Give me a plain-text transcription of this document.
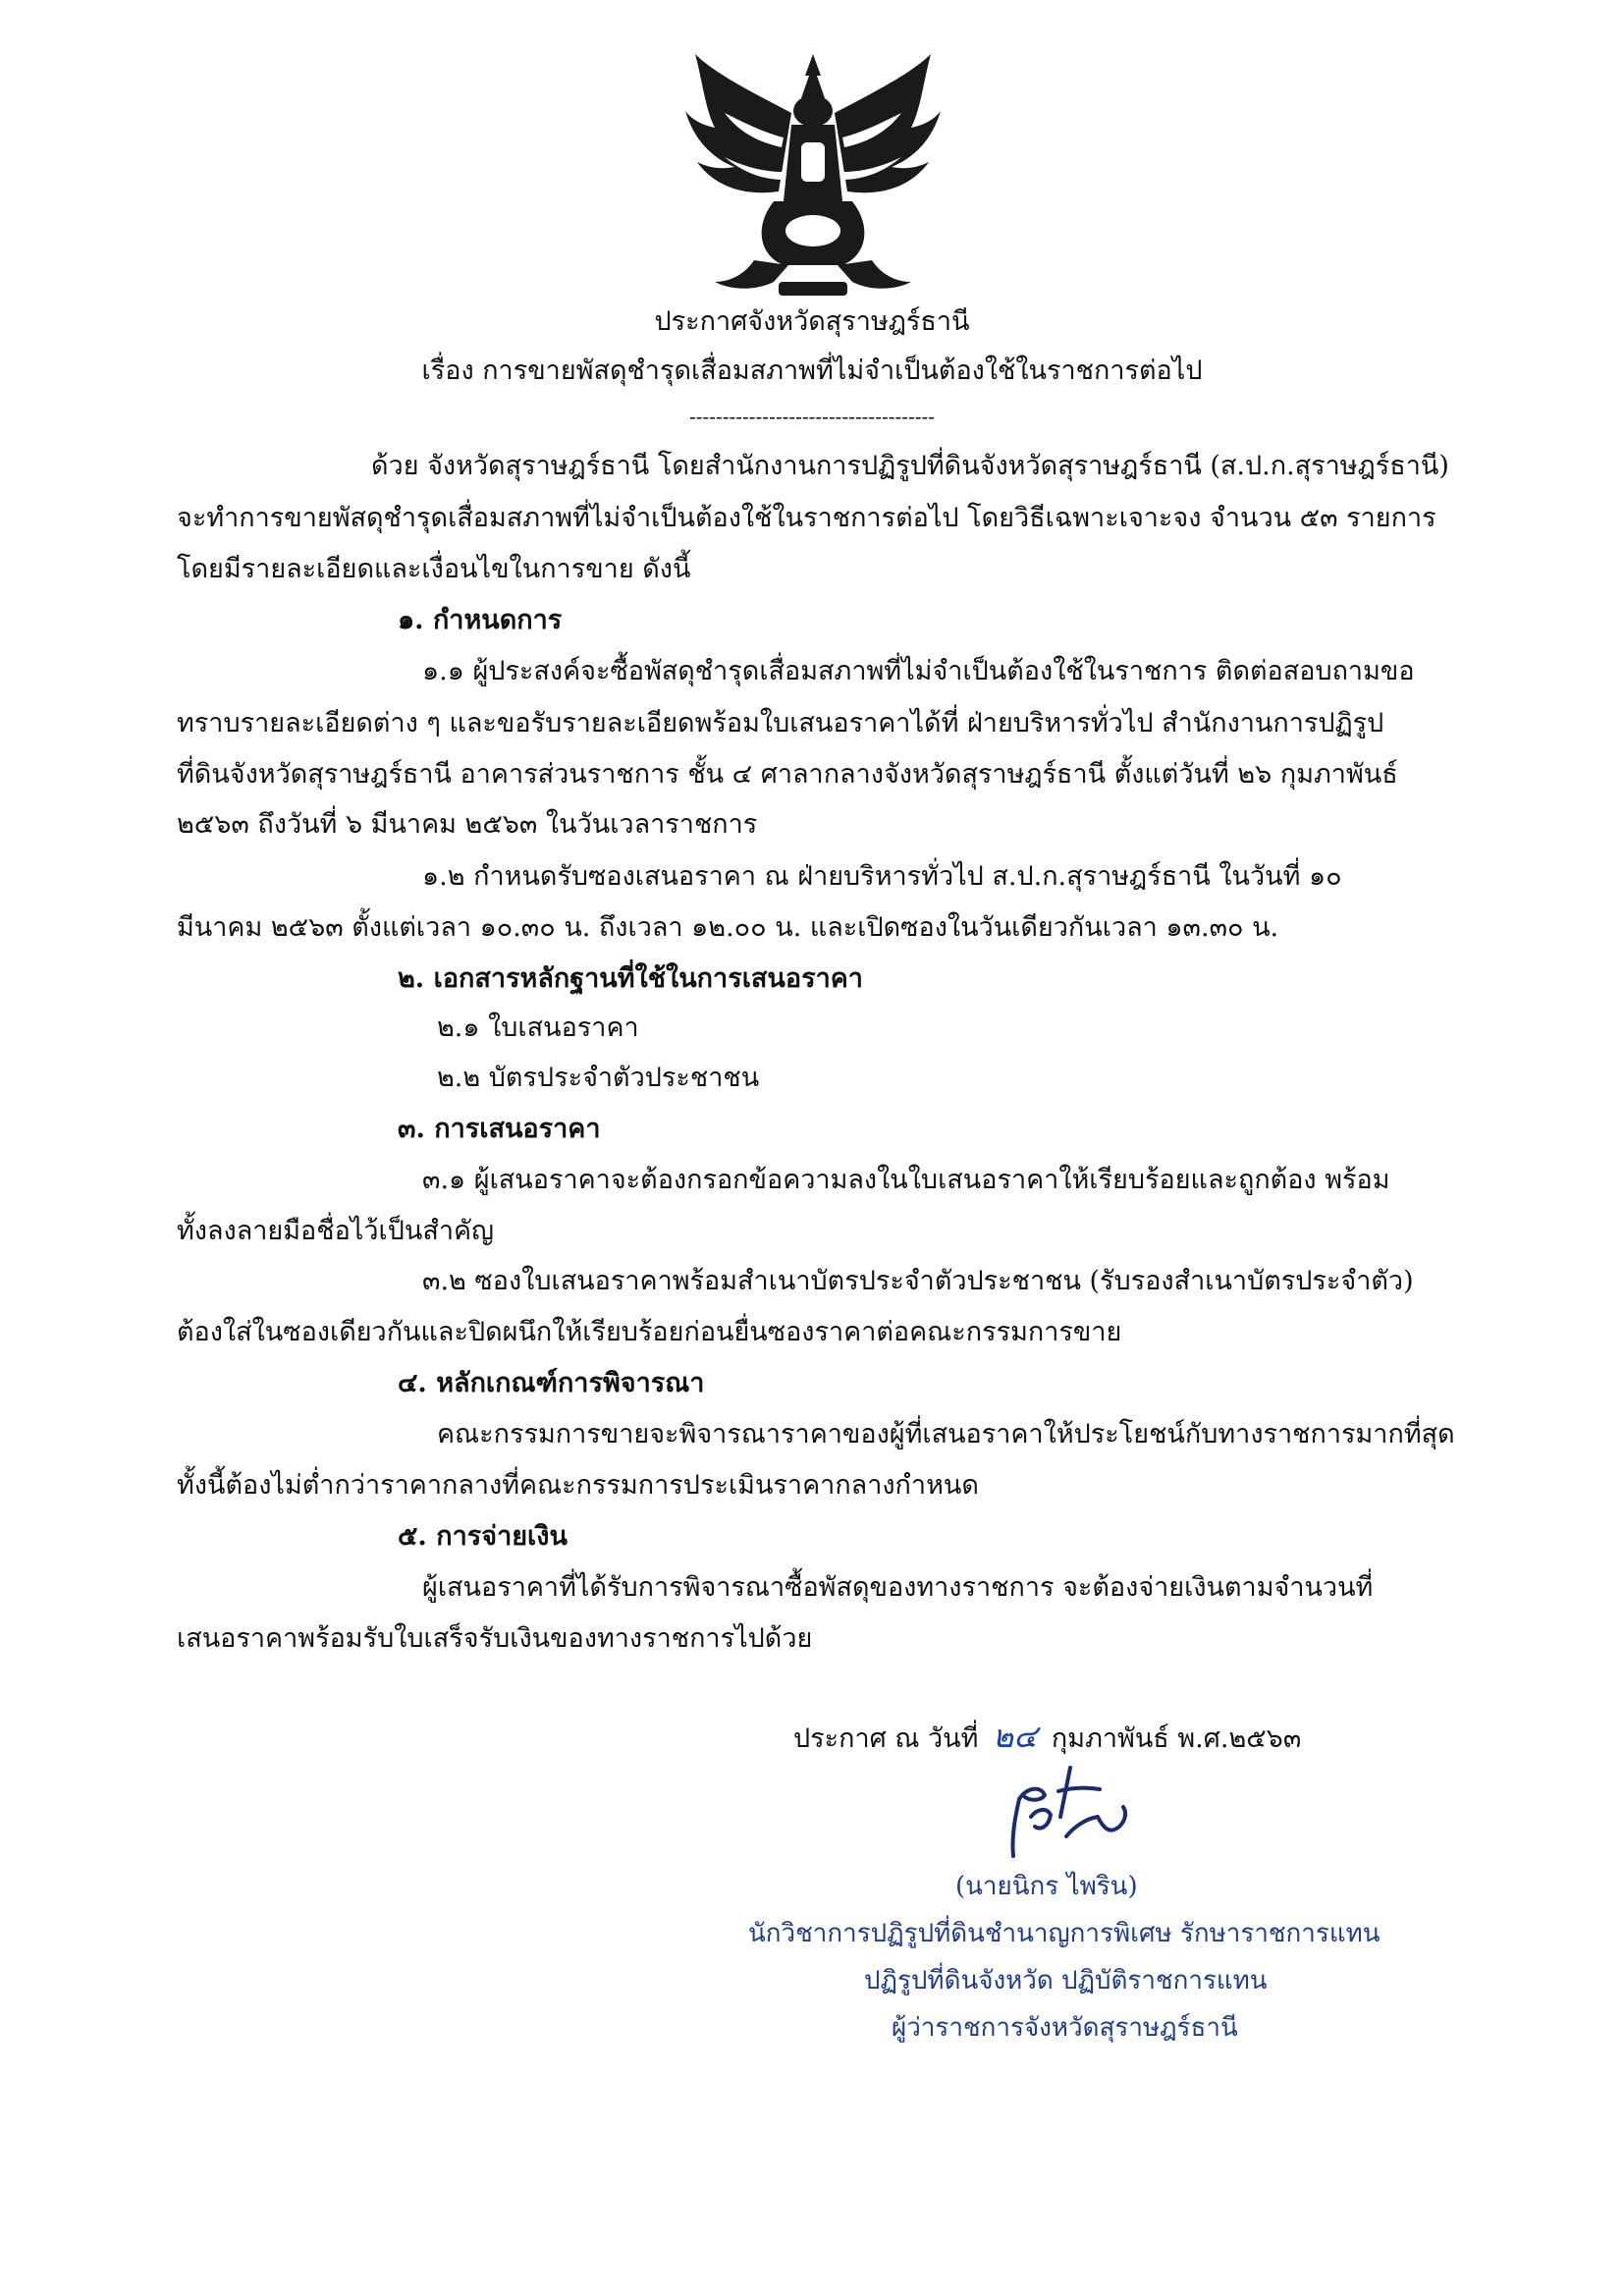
ประกาศจังหวัดสุราษฎร์ธานี
เรื่อง การขายพัสดุชำรุดเสื่อมสภาพที่ไม่จำเป็นต้องใช้ในราชการต่อไป
-------------------------------------
ด้วย จังหวัดสุราษฎร์ธานี โดยสำนักงานการปฏิรูปที่ดินจังหวัดสุราษฎร์ธานี (ส.ป.ก.สุราษฎร์ธานี)
จะทำการขายพัสดุชำรุดเสื่อมสภาพที่ไม่จำเป็นต้องใช้ในราชการต่อไป โดยวิธีเฉพาะเจาะจง จำนวน ๕๓ รายการ
โดยมีรายละเอียดและเงื่อนไขในการขาย ดังนี้
๑. กำหนดการ
๑.๑ ผู้ประสงค์จะซื้อพัสดุชำรุดเสื่อมสภาพที่ไม่จำเป็นต้องใช้ในราชการ ติดต่อสอบถามขอ
ทราบรายละเอียดต่าง ๆ และขอรับรายละเอียดพร้อมใบเสนอราคาได้ที่ ฝ่ายบริหารทั่วไป สำนักงานการปฏิรูป
ที่ดินจังหวัดสุราษฎร์ธานี อาคารส่วนราชการ ชั้น ๔ ศาลากลางจังหวัดสุราษฎร์ธานี ตั้งแต่วันที่ ๒๖ กุมภาพันธ์
๒๕๖๓ ถึงวันที่ ๖ มีนาคม ๒๕๖๓ ในวันเวลาราชการ
๑.๒ กำหนดรับซองเสนอราคา ณ ฝ่ายบริหารทั่วไป ส.ป.ก.สุราษฎร์ธานี ในวันที่ ๑๐
มีนาคม ๒๕๖๓ ตั้งแต่เวลา ๑๐.๓๐ น. ถึงเวลา ๑๒.๐๐ น. และเปิดซองในวันเดียวกันเวลา ๑๓.๓๐ น.
๒. เอกสารหลักฐานที่ใช้ในการเสนอราคา
๒.๑ ใบเสนอราคา
๒.๒ บัตรประจำตัวประชาชน
๓. การเสนอราคา
๓.๑ ผู้เสนอราคาจะต้องกรอกข้อความลงในใบเสนอราคาให้เรียบร้อยและถูกต้อง พร้อม
ทั้งลงลายมือชื่อไว้เป็นสำคัญ
๓.๒ ซองใบเสนอราคาพร้อมสำเนาบัตรประจำตัวประชาชน (รับรองสำเนาบัตรประจำตัว)
ต้องใส่ในซองเดียวกันและปิดผนึกให้เรียบร้อยก่อนยื่นซองราคาต่อคณะกรรมการขาย
๔. หลักเกณฑ์การพิจารณา
คณะกรรมการขายจะพิจารณาราคาของผู้ที่เสนอราคาให้ประโยชน์กับทางราชการมากที่สุด
ทั้งนี้ต้องไม่ต่ำกว่าราคากลางที่คณะกรรมการประเมินราคากลางกำหนด
๕. การจ่ายเงิน
ผู้เสนอราคาที่ได้รับการพิจารณาซื้อพัสดุของทางราชการ จะต้องจ่ายเงินตามจำนวนที่
เสนอราคาพร้อมรับใบเสร็จรับเงินของทางราชการไปด้วย
ประกาศ ณ วันที่ ๒๔ กุมภาพันธ์ พ.ศ.๒๕๖๓
(นายนิกร ไพริน)
นักวิชาการปฏิรูปที่ดินชำนาญการพิเศษ รักษาราชการแทน
ปฏิรูปที่ดินจังหวัด ปฏิบัติราชการแทน
ผู้ว่าราชการจังหวัดสุราษฎร์ธานี
